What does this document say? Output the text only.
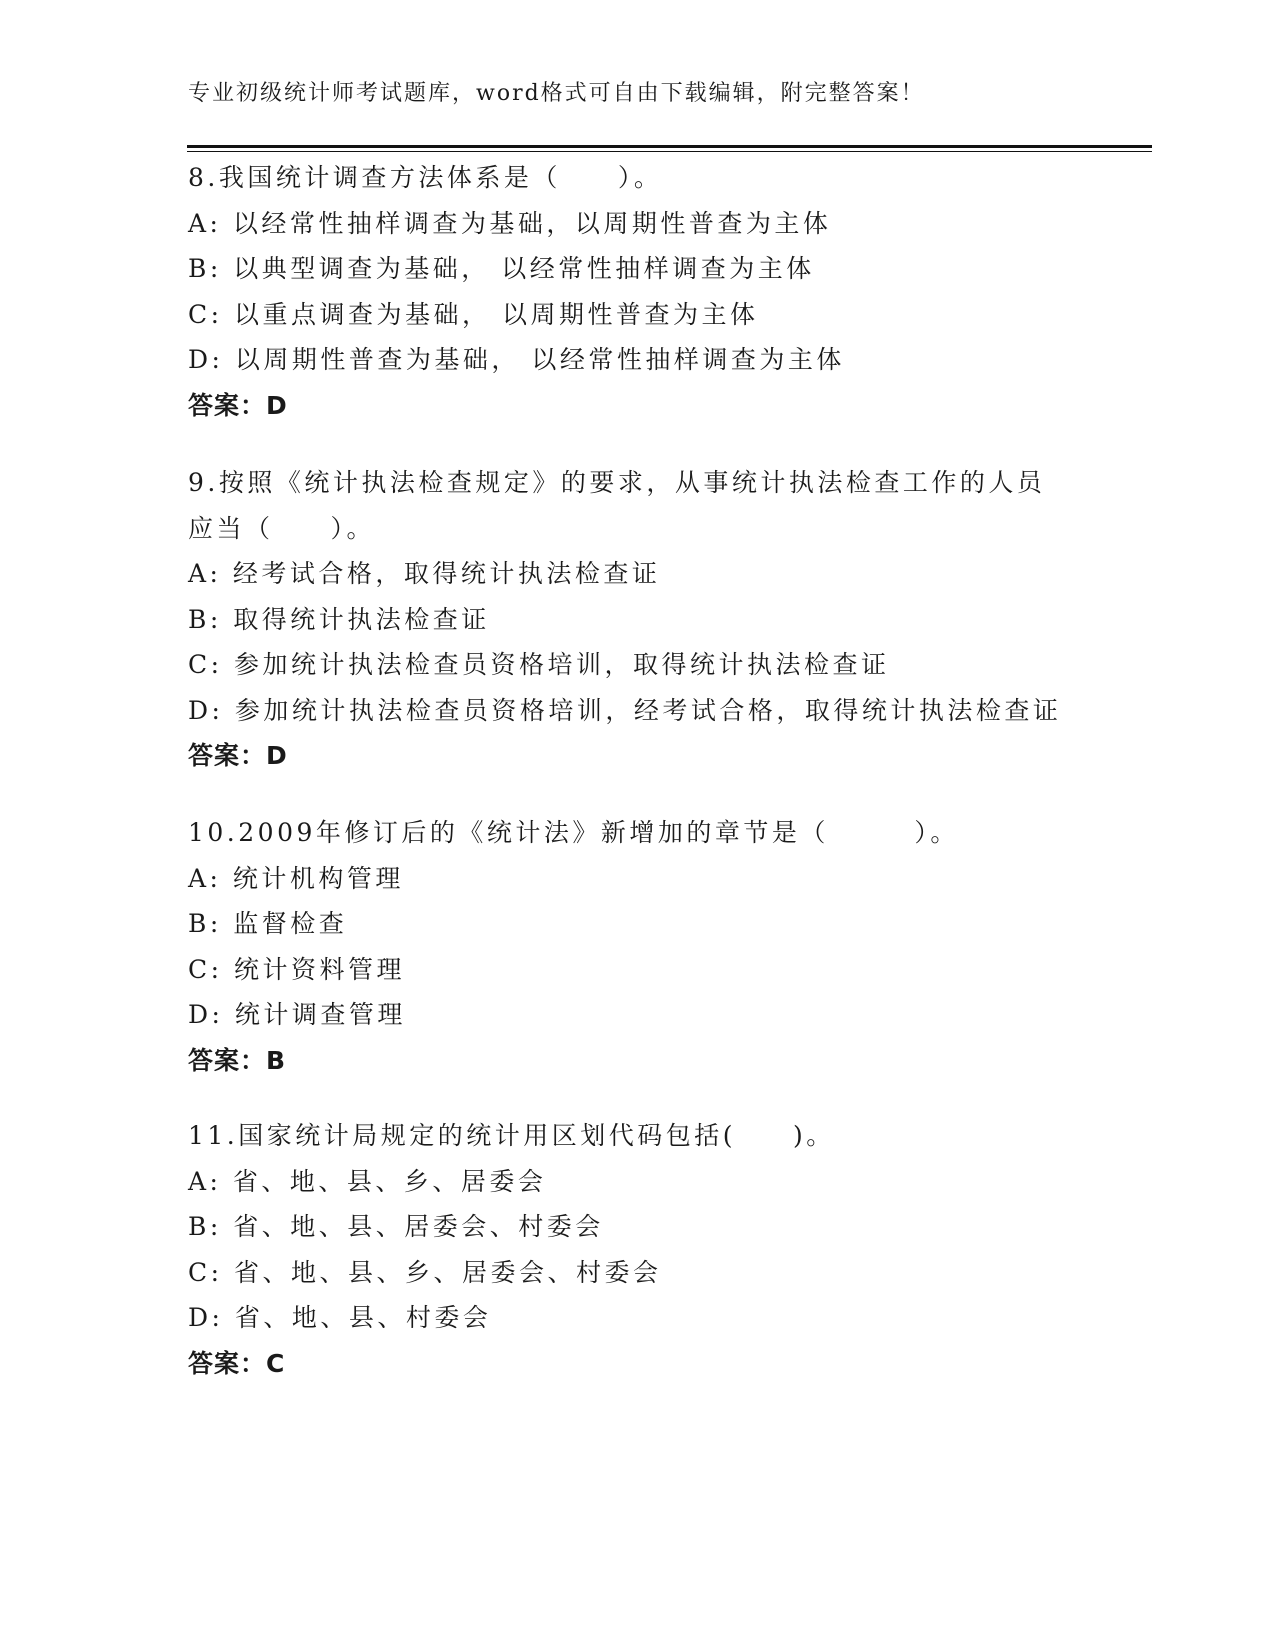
专业初级统计师考试题库，word格式可自由下载编辑，附完整答案！
8.我国统计调查方法体系是（　　）。
A: 以经常性抽样调查为基础，以周期性普查为主体
B: 以典型调查为基础， 以经常性抽样调查为主体
C: 以重点调查为基础， 以周期性普查为主体
D: 以周期性普查为基础， 以经常性抽样调查为主体
答案：D
9.按照《统计执法检查规定》的要求，从事统计执法检查工作的人员
应当（　　）。
A: 经考试合格，取得统计执法检查证
B: 取得统计执法检查证
C: 参加统计执法检查员资格培训，取得统计执法检查证
D: 参加统计执法检查员资格培训，经考试合格，取得统计执法检查证
答案：D
10.2009年修订后的《统计法》新增加的章节是（　　　）。
A: 统计机构管理
B: 监督检查
C: 统计资料管理
D: 统计调查管理
答案：B
11.国家统计局规定的统计用区划代码包括(　　)。
A: 省、地、县、乡、居委会
B: 省、地、县、居委会、村委会
C: 省、地、县、乡、居委会、村委会
D: 省、地、县、村委会
答案：C
